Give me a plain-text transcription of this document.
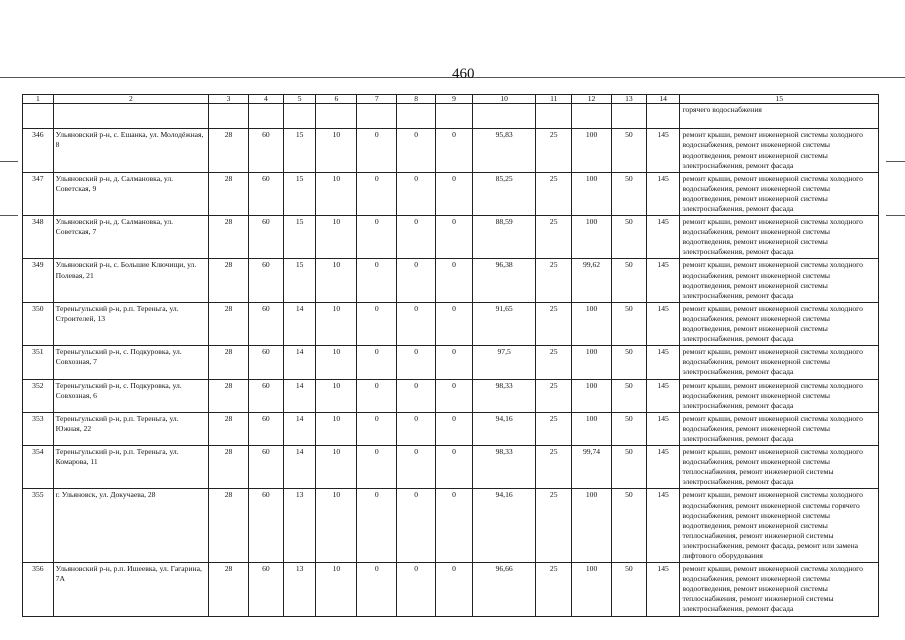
460
1	2	3	4	5	6	7	8	9	10	11	12	13	14	15
														горячего водоснабжения
346	Ульяновский р-н, с. Ешанка, ул. Молодёжная, 8	28	60	15	10	0	0	0	95,83	25	100	50	145	ремонт крыши, ремонт инженерной системы холодного водоснабжения, ремонт инженерной системы водоотведения, ремонт инженерной системы электроснабжения, ремонт фасада
347	Ульяновский р-н, д. Салмановка, ул. Советская, 9	28	60	15	10	0	0	0	85,25	25	100	50	145	ремонт крыши, ремонт инженерной системы холодного водоснабжения, ремонт инженерной системы водоотведения, ремонт инженерной системы электроснабжения, ремонт фасада
348	Ульяновский р-н, д. Салмановка, ул. Советская, 7	28	60	15	10	0	0	0	88,59	25	100	50	145	ремонт крыши, ремонт инженерной системы холодного водоснабжения, ремонт инженерной системы водоотведения, ремонт инженерной системы электроснабжения, ремонт фасада
349	Ульяновский р-н, с. Большие Ключищи, ул. Полевая, 21	28	60	15	10	0	0	0	96,38	25	99,62	50	145	ремонт крыши, ремонт инженерной системы холодного водоснабжения, ремонт инженерной системы водоотведения, ремонт инженерной системы электроснабжения, ремонт фасада
350	Тереньгульский р-н, р.п. Тереньга, ул. Строителей, 13	28	60	14	10	0	0	0	91,65	25	100	50	145	ремонт крыши, ремонт инженерной системы холодного водоснабжения, ремонт инженерной системы водоотведения, ремонт инженерной системы электроснабжения, ремонт фасада
351	Тереньгульский р-н, с. Подкуровка, ул. Совхозная, 7	28	60	14	10	0	0	0	97,5	25	100	50	145	ремонт крыши, ремонт инженерной системы холодного водоснабжения, ремонт инженерной системы электроснабжения, ремонт фасада
352	Тереньгульский р-н, с. Подкуровка, ул. Совхозная, 6	28	60	14	10	0	0	0	98,33	25	100	50	145	ремонт крыши, ремонт инженерной системы холодного водоснабжения, ремонт инженерной системы электроснабжения, ремонт фасада
353	Тереньгульский р-н, р.п. Тереньга, ул. Южная, 22	28	60	14	10	0	0	0	94,16	25	100	50	145	ремонт крыши, ремонт инженерной системы холодного водоснабжения, ремонт инженерной системы электроснабжения, ремонт фасада
354	Тереньгульский р-н, р.п. Тереньга, ул. Комарова, 11	28	60	14	10	0	0	0	98,33	25	99,74	50	145	ремонт крыши, ремонт инженерной системы холодного водоснабжения, ремонт инженерной системы теплоснабжения, ремонт инженерной системы электроснабжения, ремонт фасада
355	г. Ульяновск, ул. Докучаева, 28	28	60	13	10	0	0	0	94,16	25	100	50	145	ремонт крыши, ремонт инженерной системы холодного водоснабжения, ремонт инженерной системы горячего водоснабжения, ремонт инженерной системы водоотведения, ремонт инженерной системы теплоснабжения, ремонт инженерной системы электроснабжения, ремонт фасада, ремонт или замена лифтового оборудования
356	Ульяновский р-н, р.п. Ишеевка, ул. Гагарина, 7А	28	60	13	10	0	0	0	96,66	25	100	50	145	ремонт крыши, ремонт инженерной системы холодного водоснабжения, ремонт инженерной системы водоотведения, ремонт инженерной системы теплоснабжения, ремонт инженерной системы электроснабжения, ремонт фасада
